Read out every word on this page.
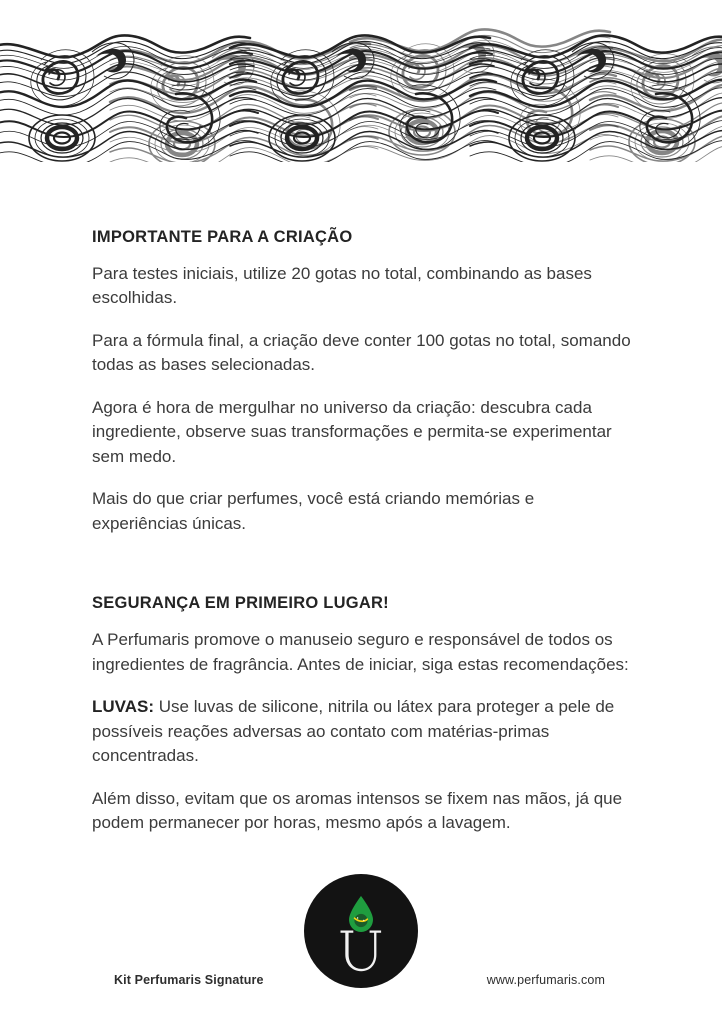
IMPORTANTE PARA A CRIAÇÃO

Para testes iniciais, utilize 20 gotas no total, combinando as bases escolhidas.

Para a fórmula final, a criação deve conter 100 gotas no total, somando todas as bases selecionadas.

Agora é hora de mergulhar no universo da criação: descubra cada ingrediente, observe suas transformações e permita-se experimentar sem medo.

Mais do que criar perfumes, você está criando memórias e experiências únicas.

SEGURANÇA EM PRIMEIRO LUGAR!

A Perfumaris promove o manuseio seguro e responsável de todos os ingredientes de fragrância. Antes de iniciar, siga estas recomendações:

LUVAS: Use luvas de silicone, nitrila ou látex para proteger a pele de possíveis reações adversas ao contato com matérias-primas concentradas.

Além disso, evitam que os aromas intensos se fixem nas mãos, já que podem permanecer por horas, mesmo após a lavagem.

Kit Perfumaris Signature	www.perfumaris.com
